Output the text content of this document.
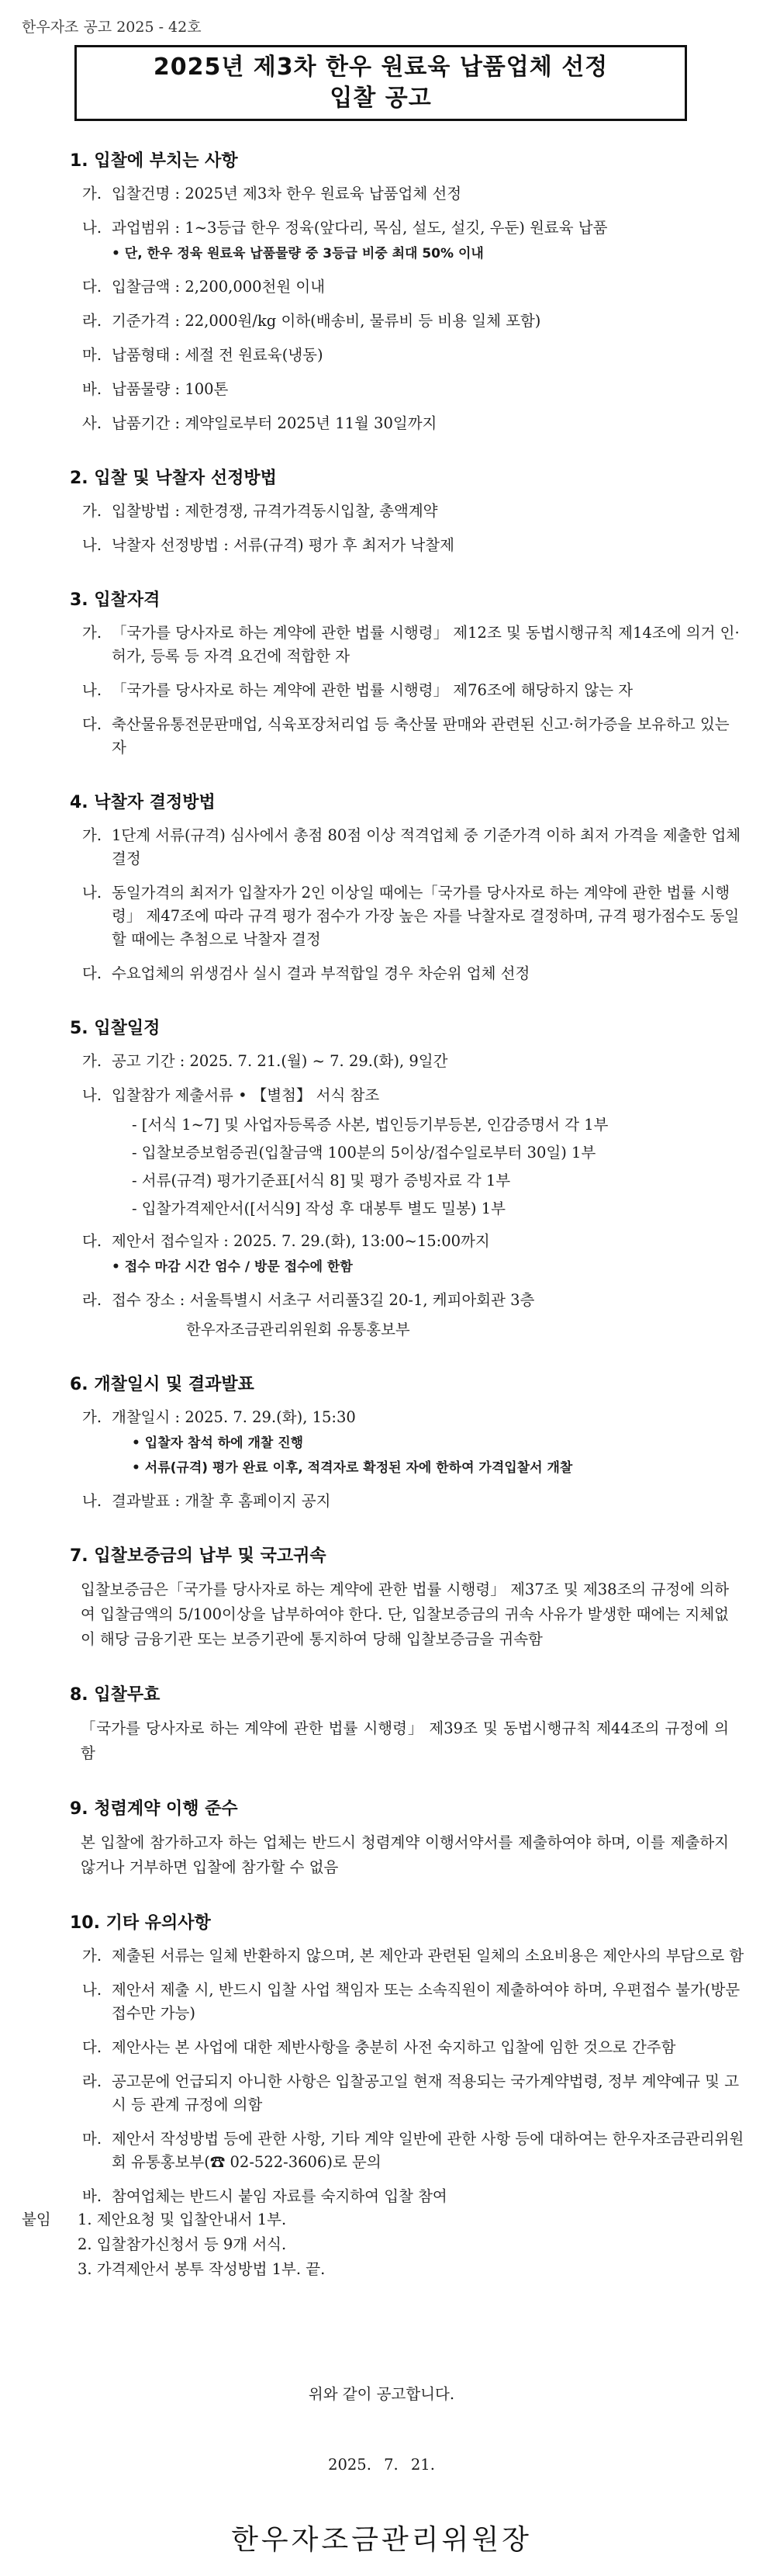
한우자조 공고 2025 - 42호
2025년 제3차 한우 원료육 납품업체 선정
입찰 공고
1. 입찰에 부치는 사항
가. 입찰건명 : 2025년 제3차 한우 원료육 납품업체 선정
나. 과업범위 : 1~3등급 한우 정육(앞다리, 목심, 설도, 설깃, 우둔) 원료육 납품
• 단, 한우 정육 원료육 납품물량 중 3등급 비중 최대 50% 이내
다. 입찰금액 : 2,200,000천원 이내
라. 기준가격 : 22,000원/kg 이하(배송비, 물류비 등 비용 일체 포함)
마. 납품형태 : 세절 전 원료육(냉동)
바. 납품물량 : 100톤
사. 납품기간 : 계약일로부터 2025년 11월 30일까지
2. 입찰 및 낙찰자 선정방법
가. 입찰방법 : 제한경쟁, 규격가격동시입찰, 총액계약
나. 낙찰자 선정방법 : 서류(규격) 평가 후 최저가 낙찰제
3. 입찰자격
가. 「국가를 당사자로 하는 계약에 관한 법률 시행령」 제12조 및 동법시행규칙 제14조에 의거 인·허가, 등록 등 자격 요건에 적합한 자
나. 「국가를 당사자로 하는 계약에 관한 법률 시행령」 제76조에 해당하지 않는 자
다. 축산물유통전문판매업, 식육포장처리업 등 축산물 판매와 관련된 신고·허가증을 보유하고 있는 자
4. 낙찰자 결정방법
가. 1단계 서류(규격) 심사에서 총점 80점 이상 적격업체 중 기준가격 이하 최저 가격을 제출한 업체 결정
나. 동일가격의 최저가 입찰자가 2인 이상일 때에는「국가를 당사자로 하는 계약에 관한 법률 시행령」 제47조에 따라 규격 평가 점수가 가장 높은 자를 낙찰자로 결정하며, 규격 평가점수도 동일할 때에는 추첨으로 낙찰자 결정
다. 수요업체의 위생검사 실시 결과 부적합일 경우 차순위 업체 선정
5. 입찰일정
가. 공고 기간 : 2025. 7. 21.(월) ~ 7. 29.(화), 9일간
나. 입찰참가 제출서류 • 【별첨】 서식 참조
- [서식 1~7] 및 사업자등록증 사본, 법인등기부등본, 인감증명서 각 1부
- 입찰보증보험증권(입찰금액 100분의 5이상/접수일로부터 30일) 1부
- 서류(규격) 평가기준표[서식 8] 및 평가 증빙자료 각 1부
- 입찰가격제안서([서식9] 작성 후 대봉투 별도 밀봉) 1부
다. 제안서 접수일자 : 2025. 7. 29.(화), 13:00~15:00까지
• 접수 마감 시간 엄수 / 방문 접수에 한함
라. 접수 장소 : 서울특별시 서초구 서리풀3길 20-1, 케피아회관 3층
한우자조금관리위원회 유통홍보부
6. 개찰일시 및 결과발표
가. 개찰일시 : 2025. 7. 29.(화), 15:30
• 입찰자 참석 하에 개찰 진행
• 서류(규격) 평가 완료 이후, 적격자로 확정된 자에 한하여 가격입찰서 개찰
나. 결과발표 : 개찰 후 홈페이지 공지
7. 입찰보증금의 납부 및 국고귀속
입찰보증금은「국가를 당사자로 하는 계약에 관한 법률 시행령」 제37조 및 제38조의 규정에 의하여 입찰금액의 5/100이상을 납부하여야 한다. 단, 입찰보증금의 귀속 사유가 발생한 때에는 지체없이 해당 금융기관 또는 보증기관에 통지하여 당해 입찰보증금을 귀속함
8. 입찰무효
「국가를 당사자로 하는 계약에 관한 법률 시행령」 제39조 및 동법시행규칙 제44조의 규정에 의함
9. 청렴계약 이행 준수
본 입찰에 참가하고자 하는 업체는 반드시 청렴계약 이행서약서를 제출하여야 하며, 이를 제출하지 않거나 거부하면 입찰에 참가할 수 없음
10. 기타 유의사항
가. 제출된 서류는 일체 반환하지 않으며, 본 제안과 관련된 일체의 소요비용은 제안사의 부담으로 함
나. 제안서 제출 시, 반드시 입찰 사업 책임자 또는 소속직원이 제출하여야 하며, 우편접수 불가(방문 접수만 가능)
다. 제안사는 본 사업에 대한 제반사항을 충분히 사전 숙지하고 입찰에 임한 것으로 간주함
라. 공고문에 언급되지 아니한 사항은 입찰공고일 현재 적용되는 국가계약법령, 정부 계약예규 및 고시 등 관계 규정에 의함
마. 제안서 작성방법 등에 관한 사항, 기타 계약 일반에 관한 사항 등에 대하여는 한우자조금관리위원회 유통홍보부(☎ 02-522-3606)로 문의
바. 참여업체는 반드시 붙임 자료를 숙지하여 입찰 참여
붙임 1. 제안요청 및 입찰안내서 1부.
2. 입찰참가신청서 등 9개 서식.
3. 가격제안서 봉투 작성방법 1부. 끝.
위와 같이 공고합니다.
2025. 7. 21.
한우자조금관리위원장
